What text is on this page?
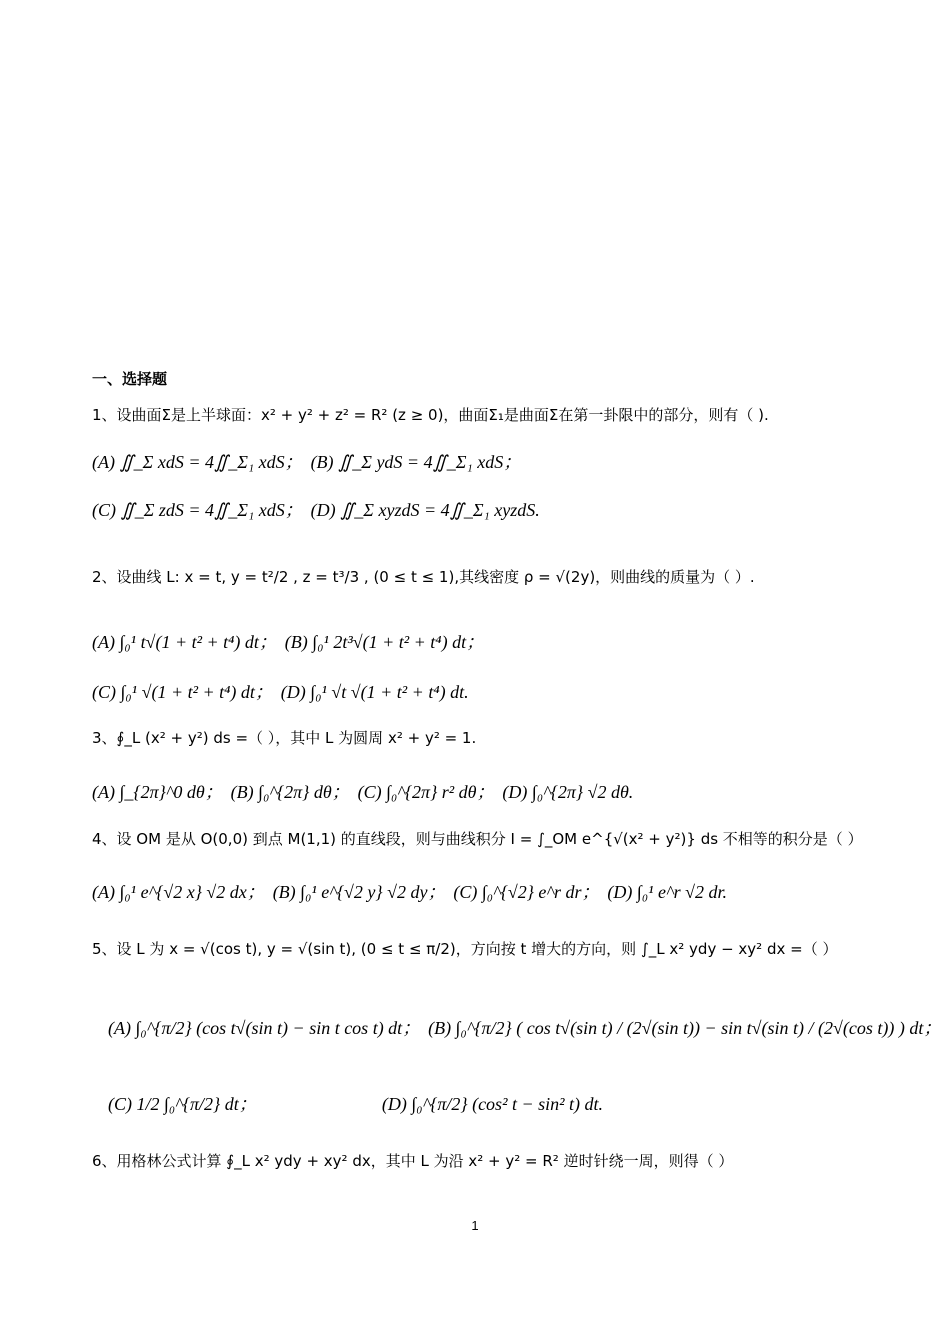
一、选择题
1、设曲面Σ是上半球面：x² + y² + z² = R² (z ≥ 0)，曲面Σ₁是曲面Σ在第一卦限中的部分，则有（ ).
(A) ∬_Σ xdS = 4∬_Σ₁ xdS； (B) ∬_Σ ydS = 4∬_Σ₁ xdS；
(C) ∬_Σ zdS = 4∬_Σ₁ xdS； (D) ∬_Σ xyzdS = 4∬_Σ₁ xyzdS.
2、设曲线 L: x = t, y = t²/2 , z = t³/3 , (0 ≤ t ≤ 1),其线密度 ρ = √(2y)，则曲线的质量为（ ）.
(A) ∫₀¹ t√(1 + t² + t⁴) dt； (B) ∫₀¹ 2t³√(1 + t² + t⁴) dt；
(C) ∫₀¹ √(1 + t² + t⁴) dt； (D) ∫₀¹ √t √(1 + t² + t⁴) dt.
3、∮_L (x² + y²) ds =（ ），其中 L 为圆周 x² + y² = 1.
(A) ∫_{2π}^0 dθ； (B) ∫₀^{2π} dθ； (C) ∫₀^{2π} r² dθ； (D) ∫₀^{2π} √2 dθ.
4、设 OM 是从 O(0,0) 到点 M(1,1) 的直线段，则与曲线积分 I = ∫_OM e^{√(x² + y²)} ds 不相等的积分是（ ）
(A) ∫₀¹ e^{√2 x} √2 dx； (B) ∫₀¹ e^{√2 y} √2 dy； (C) ∫₀^{√2} e^r dr； (D) ∫₀¹ e^r √2 dr.
5、设 L 为 x = √(cos t), y = √(sin t), (0 ≤ t ≤ π/2)，方向按 t 增大的方向，则 ∫_L x² ydy − xy² dx =（ ）
(A) ∫₀^{π/2} (cos t√(sin t) − sin t cos t) dt； (B) ∫₀^{π/2} ( cos t√(sin t) / (2√(sin t)) − sin t√(sin t) / (2√(cos t)) ) dt；
(C) 1/2 ∫₀^{π/2} dt；	(D) ∫₀^{π/2} (cos² t − sin² t) dt.
6、用格林公式计算 ∮_L x² ydy + xy² dx，其中 L 为沿 x² + y² = R² 逆时针绕一周，则得（ ）
1
